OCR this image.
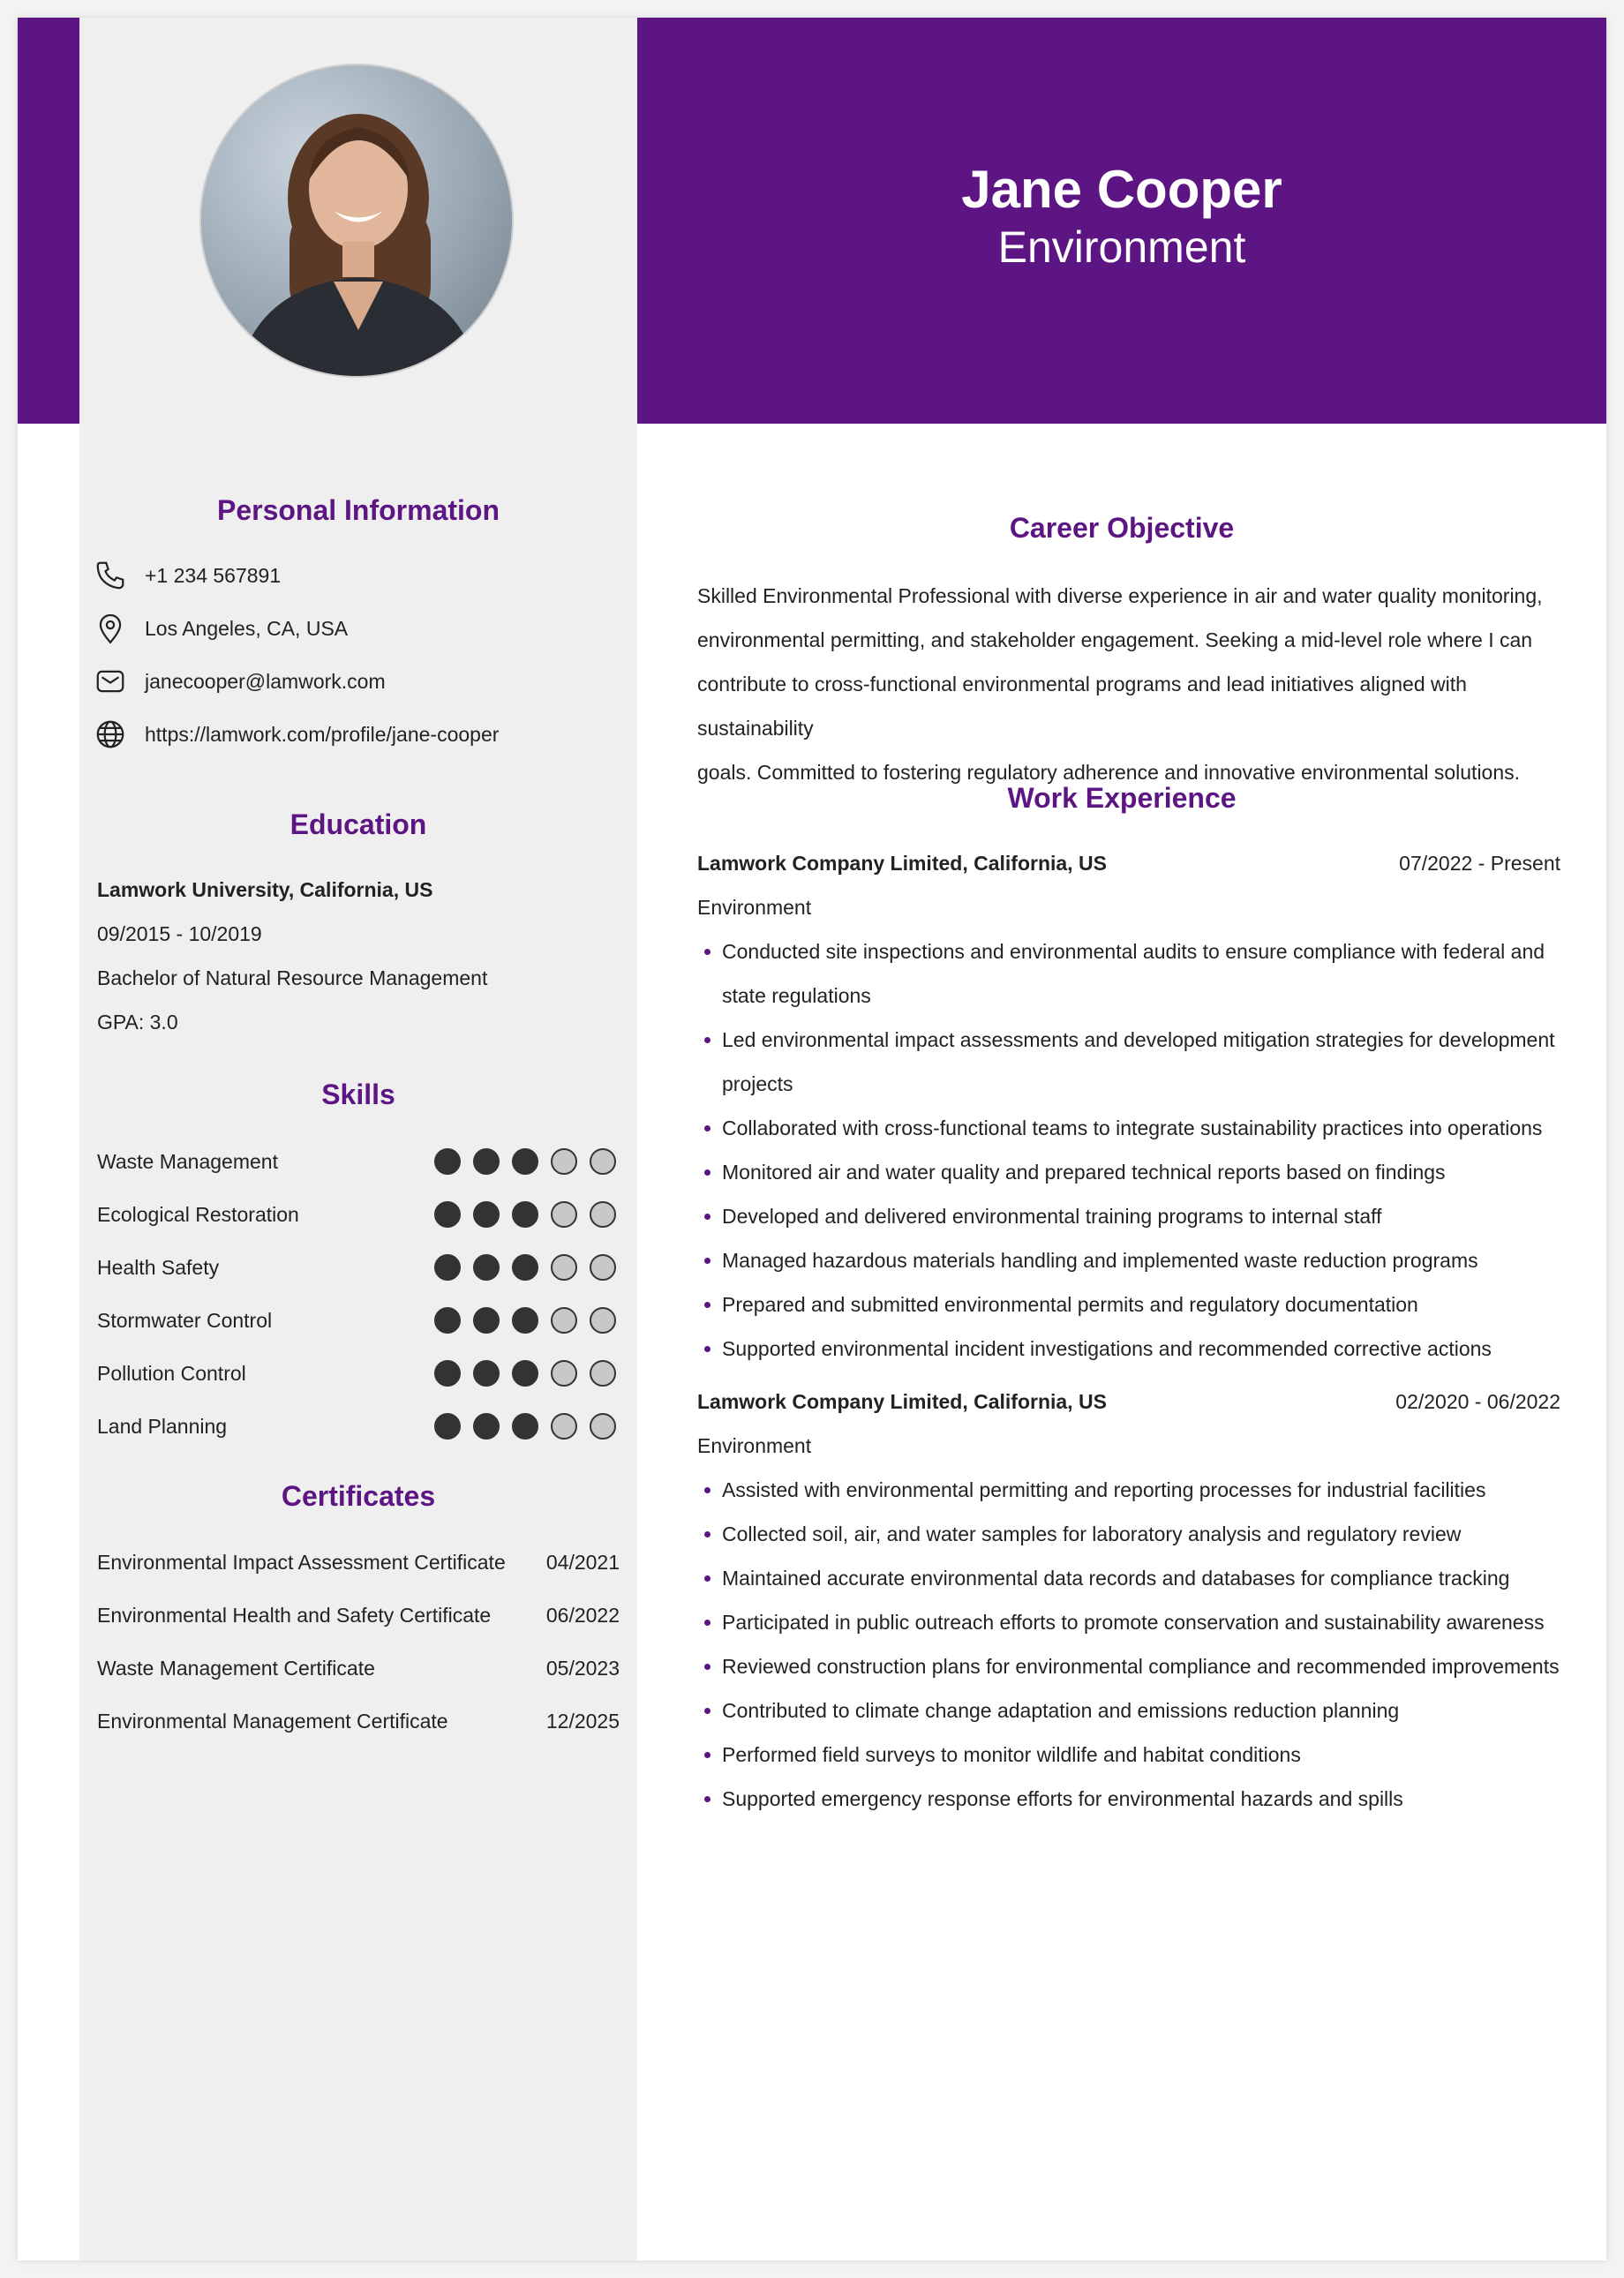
Jane Cooper
Environment
Personal Information
+1 234 567891
Los Angeles, CA, USA
janecooper@lamwork.com
https://lamwork.com/profile/jane-cooper
Education
Lamwork University, California, US
09/2015 - 10/2019
Bachelor of Natural Resource Management
GPA: 3.0
Skills
Waste Management
Ecological Restoration
Health Safety
Stormwater Control
Pollution Control
Land Planning
Certificates
Environmental Impact Assessment Certificate 04/2021
Environmental Health and Safety Certificate	06/2022
Waste Management Certificate	05/2023
Environmental Management Certificate	12/2025
Career Objective
Skilled Environmental Professional with diverse experience in air and water quality monitoring,
environmental permitting, and stakeholder engagement. Seeking a mid-level role where I can
contribute to cross-functional environmental programs and lead initiatives aligned with sustainability
goals. Committed to fostering regulatory adherence and innovative environmental solutions.
Work Experience
Lamwork Company Limited, California, US	07/2022 - Present
Environment
Conducted site inspections and environmental audits to ensure compliance with federal and state regulations
Led environmental impact assessments and developed mitigation strategies for development projects
Collaborated with cross-functional teams to integrate sustainability practices into operations
Monitored air and water quality and prepared technical reports based on findings
Developed and delivered environmental training programs to internal staff
Managed hazardous materials handling and implemented waste reduction programs
Prepared and submitted environmental permits and regulatory documentation
Supported environmental incident investigations and recommended corrective actions
Lamwork Company Limited, California, US	02/2020 - 06/2022
Environment
Assisted with environmental permitting and reporting processes for industrial facilities
Collected soil, air, and water samples for laboratory analysis and regulatory review
Maintained accurate environmental data records and databases for compliance tracking
Participated in public outreach efforts to promote conservation and sustainability awareness
Reviewed construction plans for environmental compliance and recommended improvements
Contributed to climate change adaptation and emissions reduction planning
Performed field surveys to monitor wildlife and habitat conditions
Supported emergency response efforts for environmental hazards and spills
